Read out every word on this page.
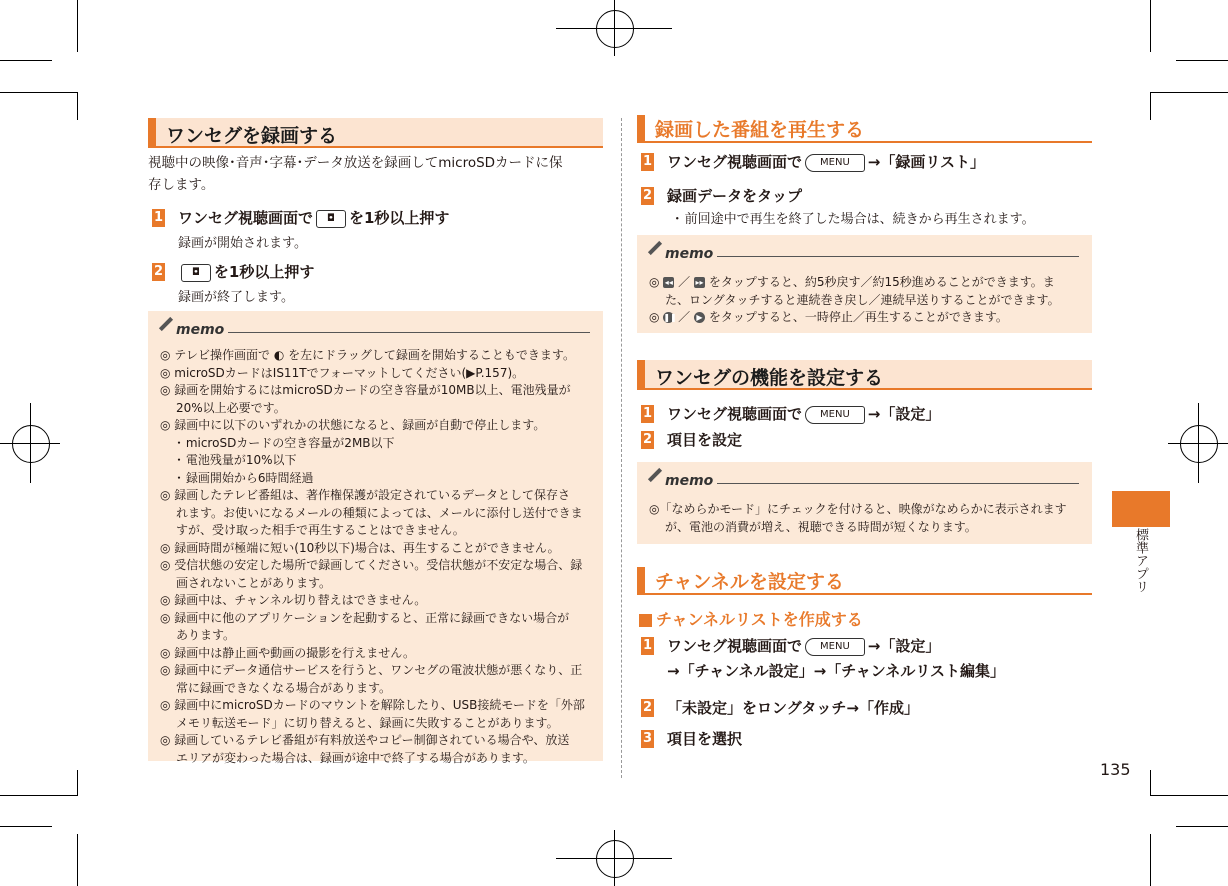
ワンセグを録画する
視聴中の映像･音声･字幕･データ放送を録画してmicroSDカードに保
存します。
1 ワンセグ視聴画面で ◘ を1秒以上押す
録画が開始されます。
2	◘ を1秒以上押す
録画が終了します。
memo
◎ テレビ操作画面で ◐ を左にドラッグして録画を開始することもできます。
◎ microSDカードはIS11Tでフォーマットしてください(▶P.157)。
◎ 録画を開始するにはmicroSDカードの空き容量が10MB以上、電池残量が
20%以上必要です。
◎ 録画中に以下のいずれかの状態になると、録画が自動で停止します。
･ microSDカードの空き容量が2MB以下
･ 電池残量が10%以下
･ 録画開始から6時間経過
◎ 録画したテレビ番組は、著作権保護が設定されているデータとして保存さ
れます。お使いになるメールの種類によっては、メールに添付し送付できま
すが、受け取った相手で再生することはできません。
◎ 録画時間が極端に短い(10秒以下)場合は、再生することができません。
◎ 受信状態の安定した場所で録画してください。受信状態が不安定な場合、録
画されないことがあります。
◎ 録画中は、チャンネル切り替えはできません。
◎ 録画中に他のアプリケーションを起動すると、正常に録画できない場合が
あります。
◎ 録画中は静止画や動画の撮影を行えません。
◎ 録画中にデータ通信サービスを行うと、ワンセグの電波状態が悪くなり、正
常に録画できなくなる場合があります。
◎ 録画中にmicroSDカードのマウントを解除したり、USB接続モードを「外部
メモリ転送モード」に切り替えると、録画に失敗することがあります。
◎ 録画しているテレビ番組が有料放送やコピー制御されている場合や、放送
エリアが変わった場合は、録画が途中で終了する場合があります。
録画した番組を再生する
1 ワンセグ視聴画面で MENU →「録画リスト」
2 録画データをタップ
･ 前回途中で再生を終了した場合は、続きから再生されます。
memo
◎ ◂◂ ／ ▸▸ をタップすると、約5秒戻す／約15秒進めることができます。ま
た、ロングタッチすると連続巻き戻し／連続早送りすることができます。
◎ ❚❚ ／ ▶ をタップすると、一時停止／再生することができます。
ワンセグの機能を設定する
1 ワンセグ視聴画面で MENU →「設定」
2 項目を設定
memo
◎「なめらかモード」にチェックを付けると、映像がなめらかに表示されます
が、電池の消費が増え、視聴できる時間が短くなります。
チャンネルを設定する
チャンネルリストを作成する
1 ワンセグ視聴画面で MENU →「設定」
→「チャンネル設定」→「チャンネルリスト編集」
2 「未設定」をロングタッチ→「作成」
3 項目を選択
標準アプリ
135
